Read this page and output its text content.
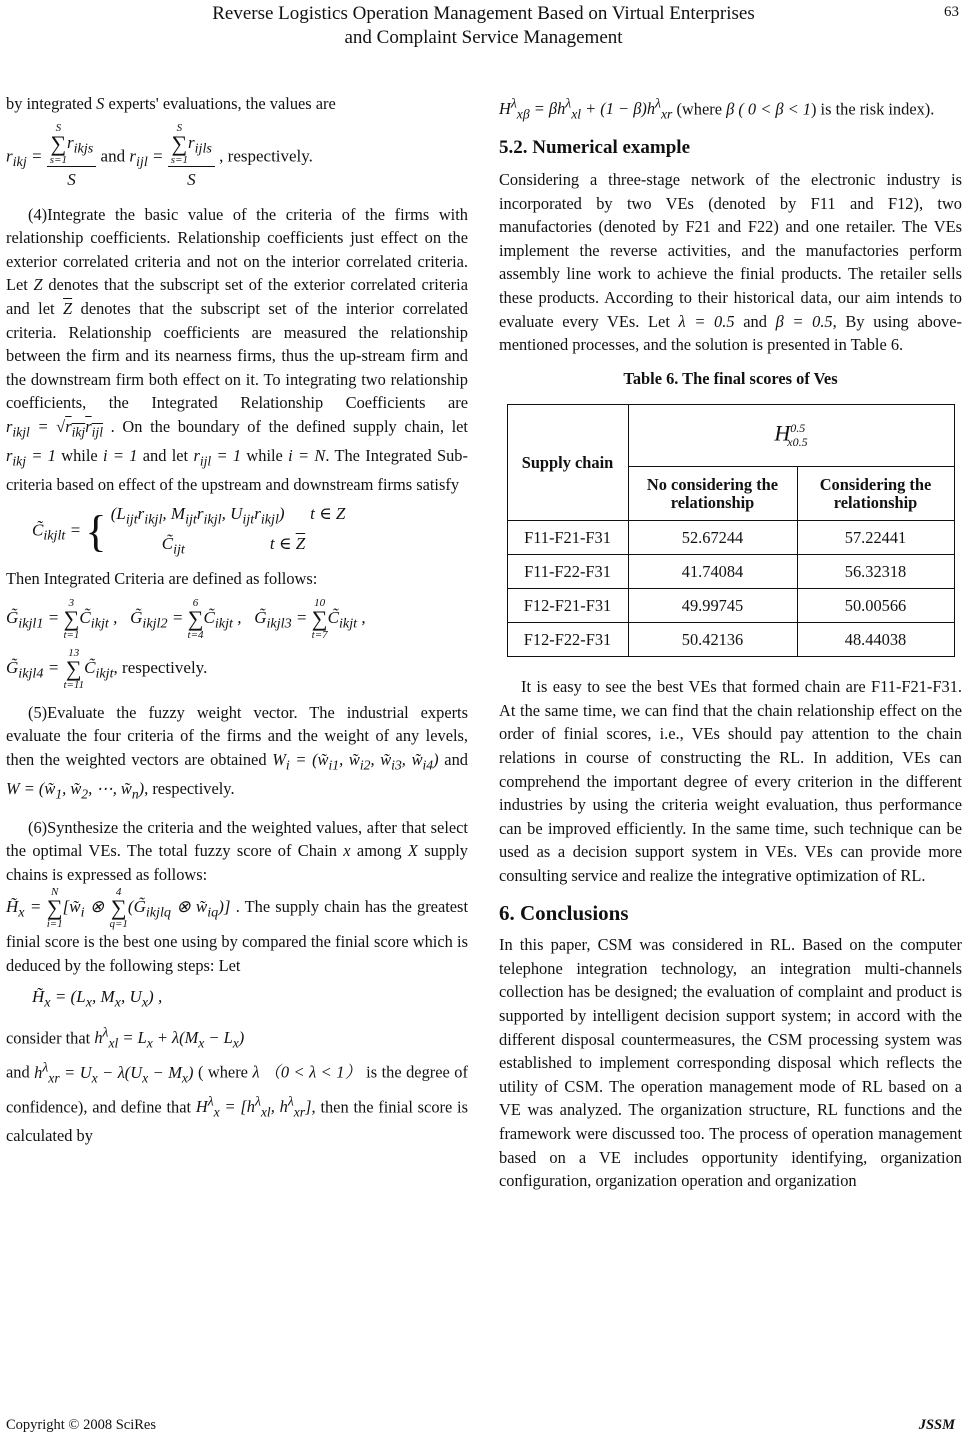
Reverse Logistics Operation Management Based on Virtual Enterprises
and Complaint Service Management
63

by integrated S experts' evaluations, the values are

$r_{ikj} = S$
∑
$s=1r_{ikjs}$
S and $r_{ijl} = S$
∑
$s=1r_{ijls}$
S , respectively.

(4)Integrate the basic value of the criteria of the firms with relationship coefficients. Relationship coefficients just effect on the exterior correlated criteria and not on the interior correlated criteria. Let Z denotes that the subscript set of the exterior correlated criteria and let $\overline{Z}$ denotes that the subscript set of the interior correlated criteria. Relationship coefficients are measured the relationship between the firm and its nearness firms, thus the up-stream firm and the downstream firm both effect on it. To integrating two relationship coefficients, the Integrated Relationship Coefficients are $r_{ikjl} = √r_{ikj}r_{ijl}$ . On the boundary of the defined supply chain, let $r_{ikj} = 1$ while i = 1 and let $r_{ijl} = 1$ while i = N. The Integrated Sub-criteria based on effect of the upstream and downstream firms satisfy

$C̃_{ikjlt}$ = { ($L_{ijt}r_{ikjl}$, $M_{ijt}r_{ikjl}$, $U_{ijt}r_{ikjl}$)      t ∈ Z
$C̃_{ijt}$	t ∈ $\overline{Z}$

Then Integrated Criteria are defined as follows:

$G̃_{ikjl1} = 3$
∑
$t=1C̃_{ikjt}$ ,   $G̃_{ikjl2} = 6$
∑
$t=4C̃_{ikjt}$ ,   $G̃_{ikjl3} = 10$
∑
$t=7C̃_{ikjt}$ ,
$G̃_{ikjl4} = 13$
∑
$t=11C̃_{ikjt}$, respectively.

(5)Evaluate the fuzzy weight vector. The industrial experts evaluate the four criteria of the firms and the weight of any levels, then the weighted vectors are obtained $W_i$ = ($w̃_{i1}$, $w̃_{i2}$, $w̃_{i3}$, $w̃_{i4}$) and $W = (w̃_1$, $w̃_2$, ⋯, $w̃_n$), respectively.

(6)Synthesize the criteria and the weighted values, after that select the optimal VEs. The total fuzzy score of Chain x among X supply chains is expressed as follows:

$H̃_x = N$
∑
$i=1[w̃_i$ ⊗ 4
∑
$q=1(G̃_{ikjlq}$ ⊗ $w̃_{iq}$)] . The supply chain has the greatest finial score is the best one using by compared the finial score which is deduced by the following steps: Let

$H̃_x = (L_x$, $M_x$, $U_x$) ,

consider that $h^\lambda_{xl} = L_x + \lambda(M_x - L_x)$

and $h^\lambda_{xr} = U_x - \lambda(U_x - M_x)$ ( where λ （0 < λ < 1） is the degree of confidence), and define that $H^\lambda_x = [h^\lambda_{xl}$, $h^\lambda_{xr}$], then the finial score is calculated by

$H^\lambda_{x\beta} = \beta h^\lambda_{xl} + (1 - \beta)h^\lambda_{xr}$ (where β ( 0 < β < 1) is the risk index).

5.2. Numerical example

Considering a three-stage network of the electronic industry is incorporated by two VEs (denoted by F11 and F12), two manufactories (denoted by F21 and F22) and one retailer. The VEs implement the reverse activities, and the manufactories perform assembly line work to achieve the finial products. The retailer sells these products. According to their historical data, our aim intends to evaluate every VEs. Let λ = 0.5 and β = 0.5, By using above-mentioned processes, and the solution is presented in Table 6.

Table 6. The final scores of Ves
Supply chain	$H^{0.5}_{x0.5}$
	No considering the relationship	Considering the relationship
F11-F21-F31	52.67244	57.22441
F11-F22-F31	41.74084	56.32318
F12-F21-F31	49.99745	50.00566
F12-F22-F31	50.42136	48.44038

It is easy to see the best VEs that formed chain are F11-F21-F31. At the same time, we can find that the chain relationship effect on the order of finial scores, i.e., VEs should pay attention to the chain relations in course of constructing the RL. In addition, VEs can comprehend the important degree of every criterion in the different industries by using the criteria weight evaluation, thus performance can be improved efficiently. In the same time, such technique can be used as a decision support system in VEs. VEs can provide more consulting service and realize the integrative optimization of RL.

6. Conclusions

In this paper, CSM was considered in RL. Based on the computer telephone integration technology, an integration multi-channels collection has be designed; the evaluation of complaint and product is supported by intelligent decision support system; in accord with the different disposal countermeasures, the CSM processing system was established to implement corresponding disposal which reflects the utility of CSM. The operation management mode of RL based on a VE was analyzed. The organization structure, RL functions and the framework were discussed too. The process of operation management based on a VE includes opportunity identifying, organization configuration, organization operation and organization

Copyright © 2008 SciRes	JSSM
